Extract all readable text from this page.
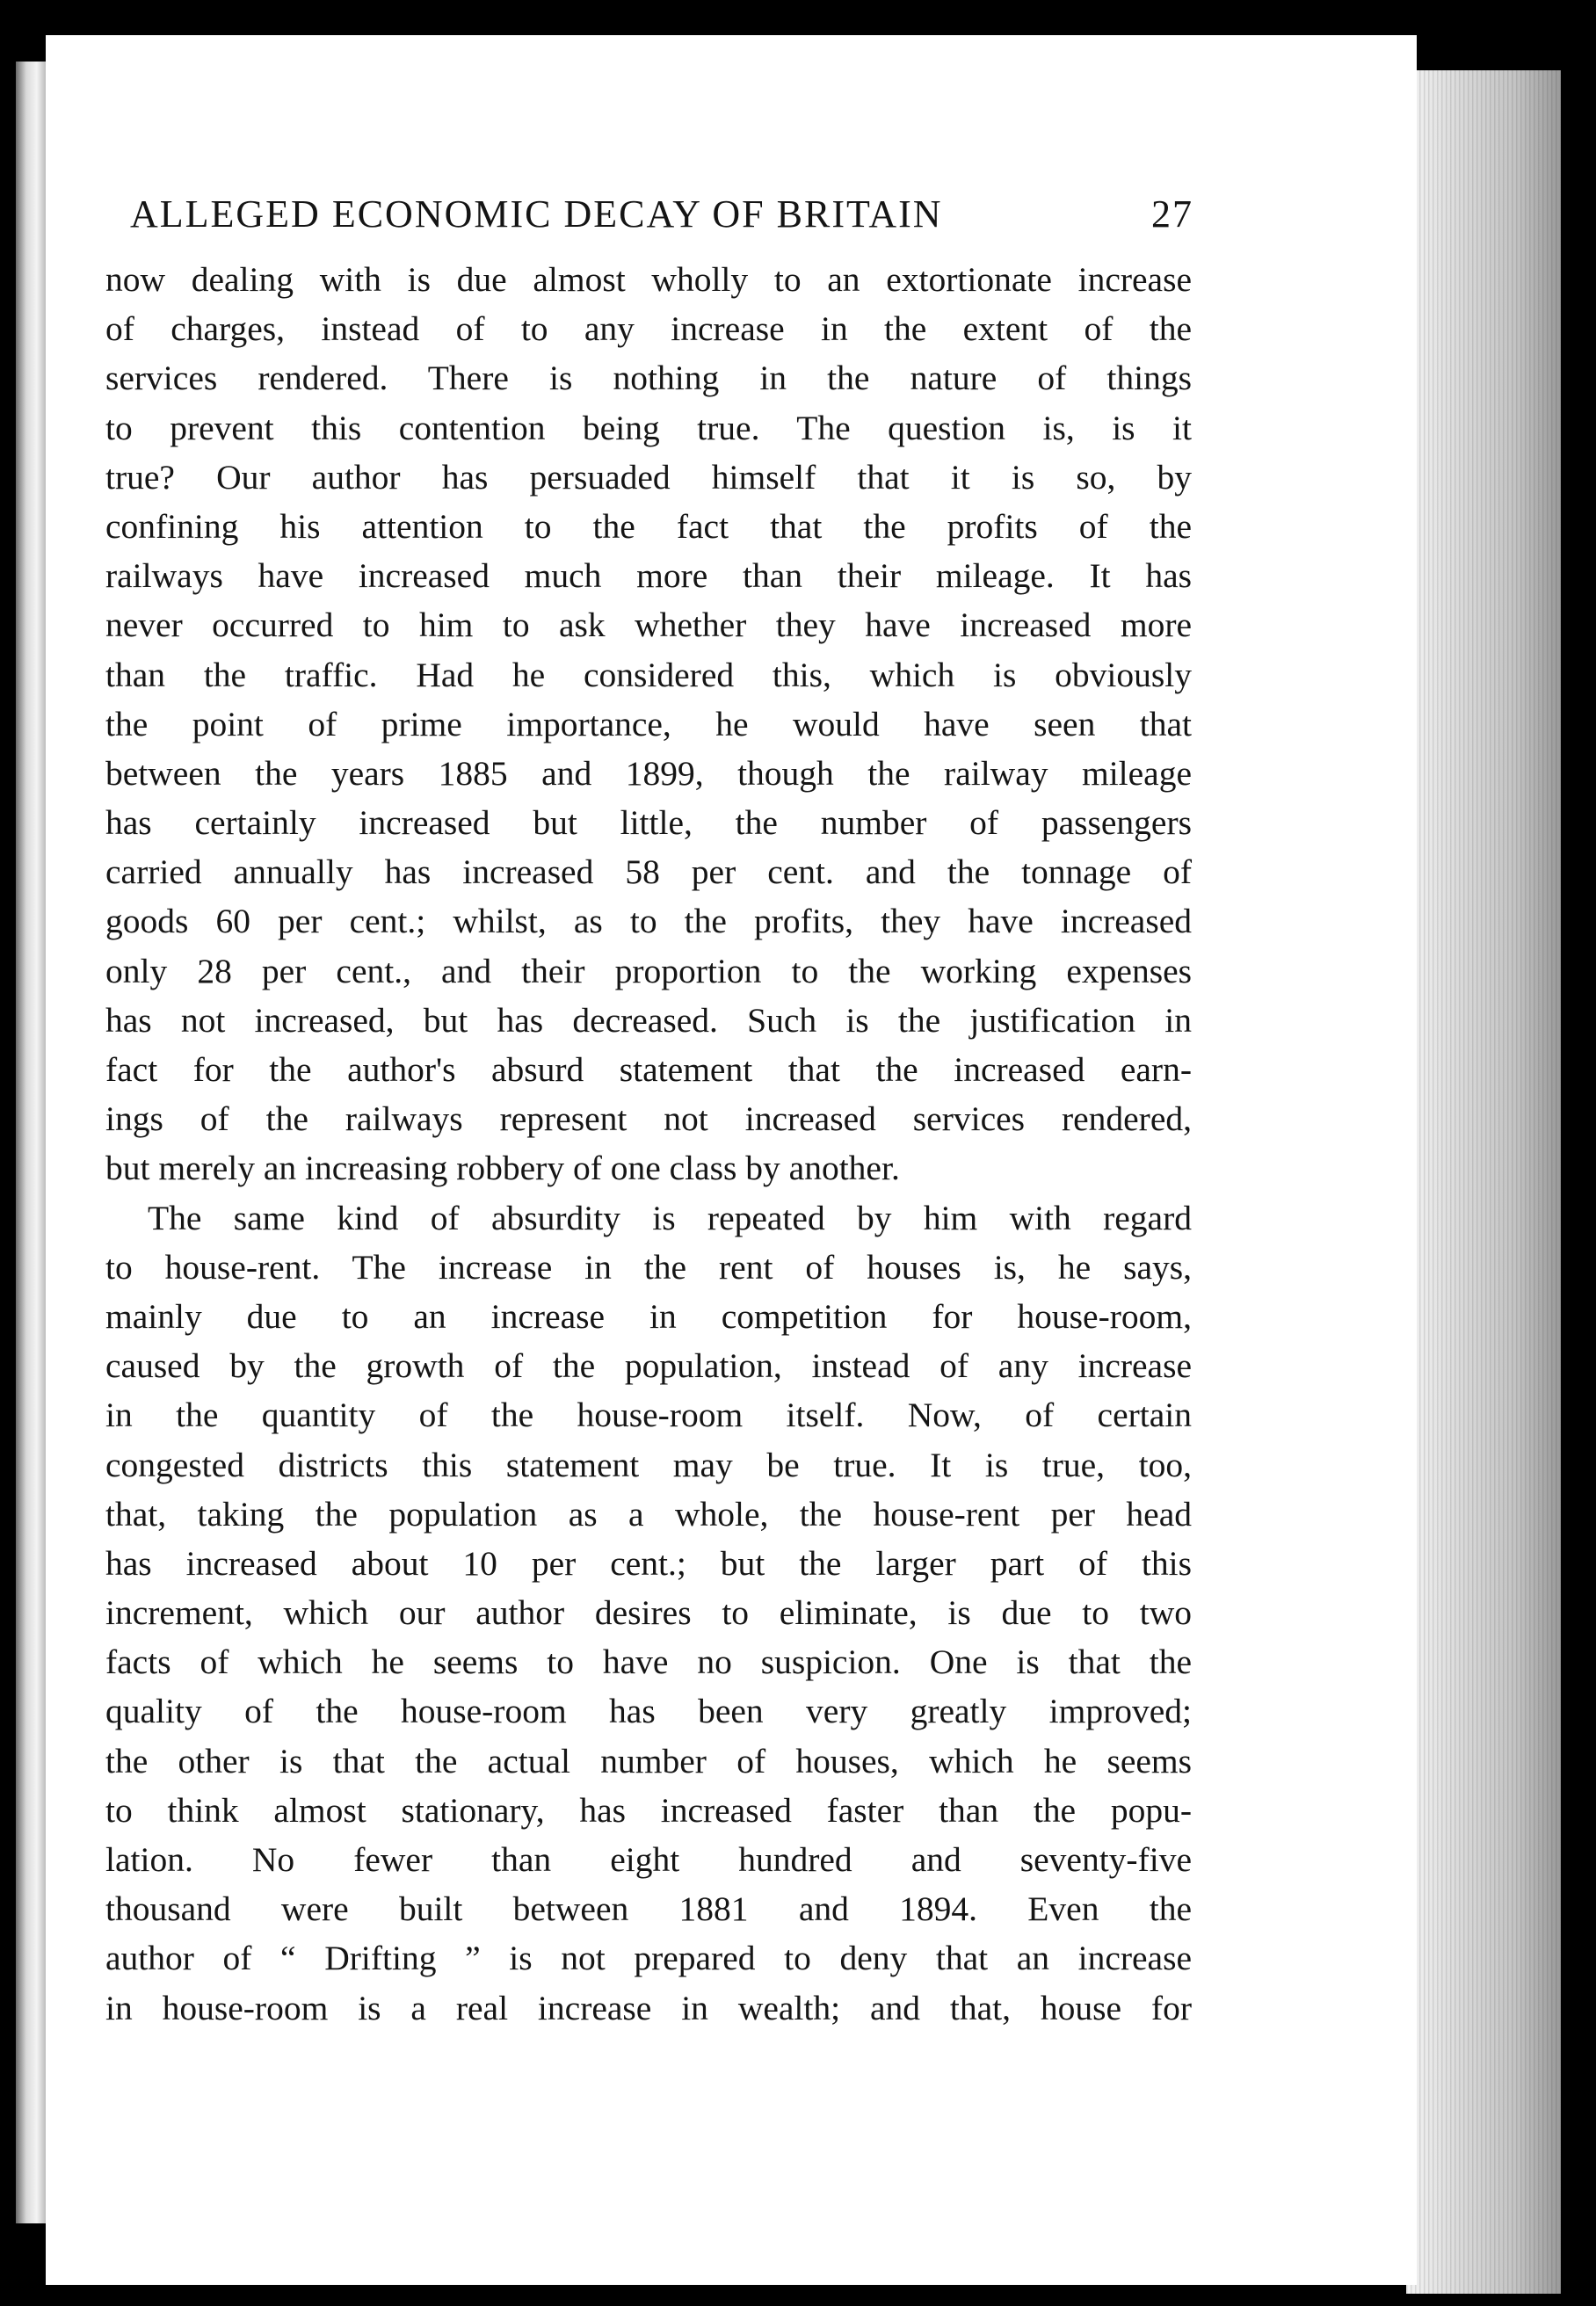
ALLEGED ECONOMIC DECAY OF BRITAIN	27
now dealing with is due almost wholly to an extortionate increase
of charges, instead of to any increase in the extent of the
services rendered. There is nothing in the nature of things
to prevent this contention being true. The question is, is it
true? Our author has persuaded himself that it is so, by
confining his attention to the fact that the profits of the
railways have increased much more than their mileage. It has
never occurred to him to ask whether they have increased more
than the traffic. Had he considered this, which is obviously
the point of prime importance, he would have seen that
between the years 1885 and 1899, though the railway mileage
has certainly increased but little, the number of passengers
carried annually has increased 58 per cent. and the tonnage of
goods 60 per cent.; whilst, as to the profits, they have increased
only 28 per cent., and their proportion to the working expenses
has not increased, but has decreased. Such is the justification in
fact for the author's absurd statement that the increased earn-
ings of the railways represent not increased services rendered,
but merely an increasing robbery of one class by another.
The same kind of absurdity is repeated by him with regard
to house-rent. The increase in the rent of houses is, he says,
mainly due to an increase in competition for house-room,
caused by the growth of the population, instead of any increase
in the quantity of the house-room itself. Now, of certain
congested districts this statement may be true. It is true, too,
that, taking the population as a whole, the house-rent per head
has increased about 10 per cent.; but the larger part of this
increment, which our author desires to eliminate, is due to two
facts of which he seems to have no suspicion. One is that the
quality of the house-room has been very greatly improved;
the other is that the actual number of houses, which he seems
to think almost stationary, has increased faster than the popu-
lation. No fewer than eight hundred and seventy-five
thousand were built between 1881 and 1894. Even the
author of “ Drifting ” is not prepared to deny that an increase
in house-room is a real increase in wealth; and that, house for
